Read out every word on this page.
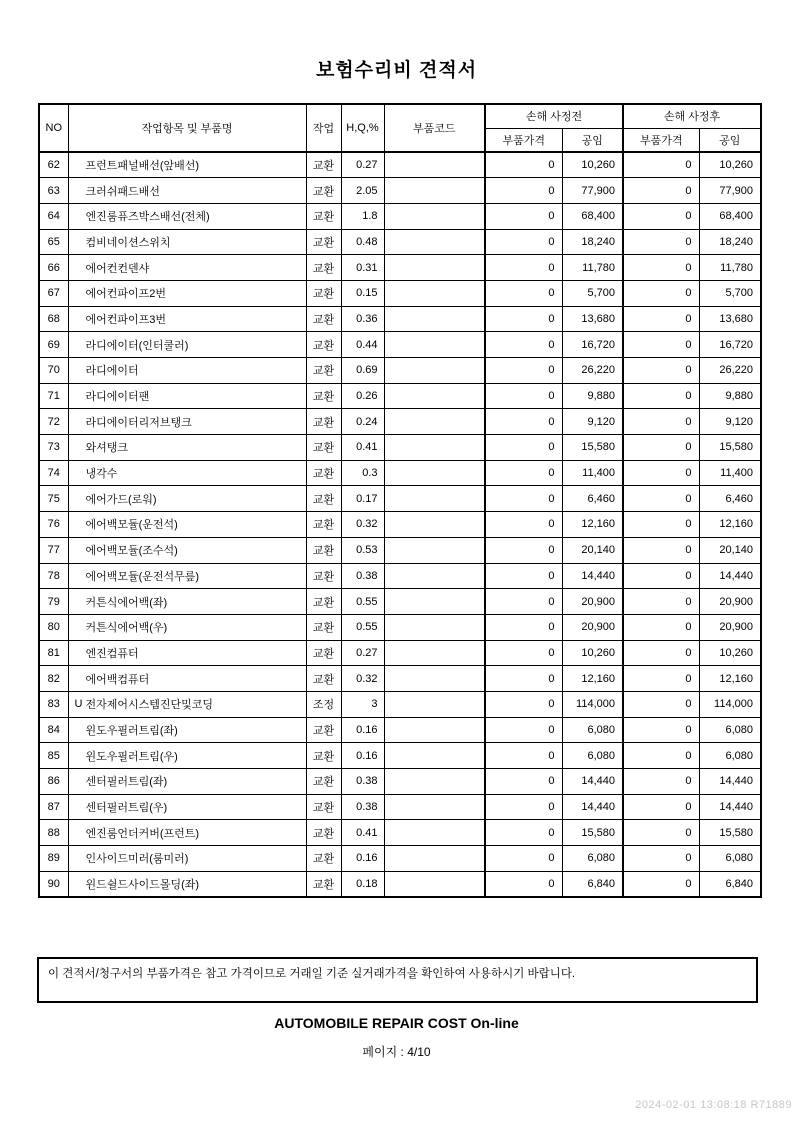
보험수리비 견적서
NO	작업항목 및 부품명	작업	H,Q,%	부품코드	손해 사정전		손해 사정후	
					부품가격	공임	부품가격	공임
62	프런트패널배선(앞배선)	교환	0.27		0	10,260	0	10,260
63	크러쉬패드배선	교환	2.05		0	77,900	0	77,900
64	엔진룸퓨즈박스배선(전체)	교환	1.8		0	68,400	0	68,400
65	컴비네이션스위치	교환	0.48		0	18,240	0	18,240
66	에어컨컨덴샤	교환	0.31		0	11,780	0	11,780
67	에어컨파이프2번	교환	0.15		0	5,700	0	5,700
68	에어컨파이프3번	교환	0.36		0	13,680	0	13,680
69	라디에이터(인터쿨러)	교환	0.44		0	16,720	0	16,720
70	라디에이터	교환	0.69		0	26,220	0	26,220
71	라디에이터팬	교환	0.26		0	9,880	0	9,880
72	라디에이터리저브탱크	교환	0.24		0	9,120	0	9,120
73	와셔탱크	교환	0.41		0	15,580	0	15,580
74	냉각수	교환	0.3		0	11,400	0	11,400
75	에어가드(로워)	교환	0.17		0	6,460	0	6,460
76	에어백모듈(운전석)	교환	0.32		0	12,160	0	12,160
77	에어백모듈(조수석)	교환	0.53		0	20,140	0	20,140
78	에어백모듈(운전석무릎)	교환	0.38		0	14,440	0	14,440
79	커튼식에어백(좌)	교환	0.55		0	20,900	0	20,900
80	커튼식에어백(우)	교환	0.55		0	20,900	0	20,900
81	엔진컴퓨터	교환	0.27		0	10,260	0	10,260
82	에어백컴퓨터	교환	0.32		0	12,160	0	12,160
83	U 전자제어시스템진단및코딩	조정	3		0	114,000	0	114,000
84	윈도우필러트림(좌)	교환	0.16		0	6,080	0	6,080
85	윈도우필러트림(우)	교환	0.16		0	6,080	0	6,080
86	센터필러트림(좌)	교환	0.38		0	14,440	0	14,440
87	센터필러트림(우)	교환	0.38		0	14,440	0	14,440
88	엔진룸언더커버(프런트)	교환	0.41		0	15,580	0	15,580
89	인사이드미러(룸미러)	교환	0.16		0	6,080	0	6,080
90	윈드쉴드사이드몰딩(좌)	교환	0.18		0	6,840	0	6,840
이 견적서/청구서의 부품가격은 참고 가격이므로 거래일 기준 실거래가격을 확인하여 사용하시기 바랍니다.
AUTOMOBILE REPAIR COST On-line
페이지 : 4/10
2024-02-01 13:08:18 R71889
